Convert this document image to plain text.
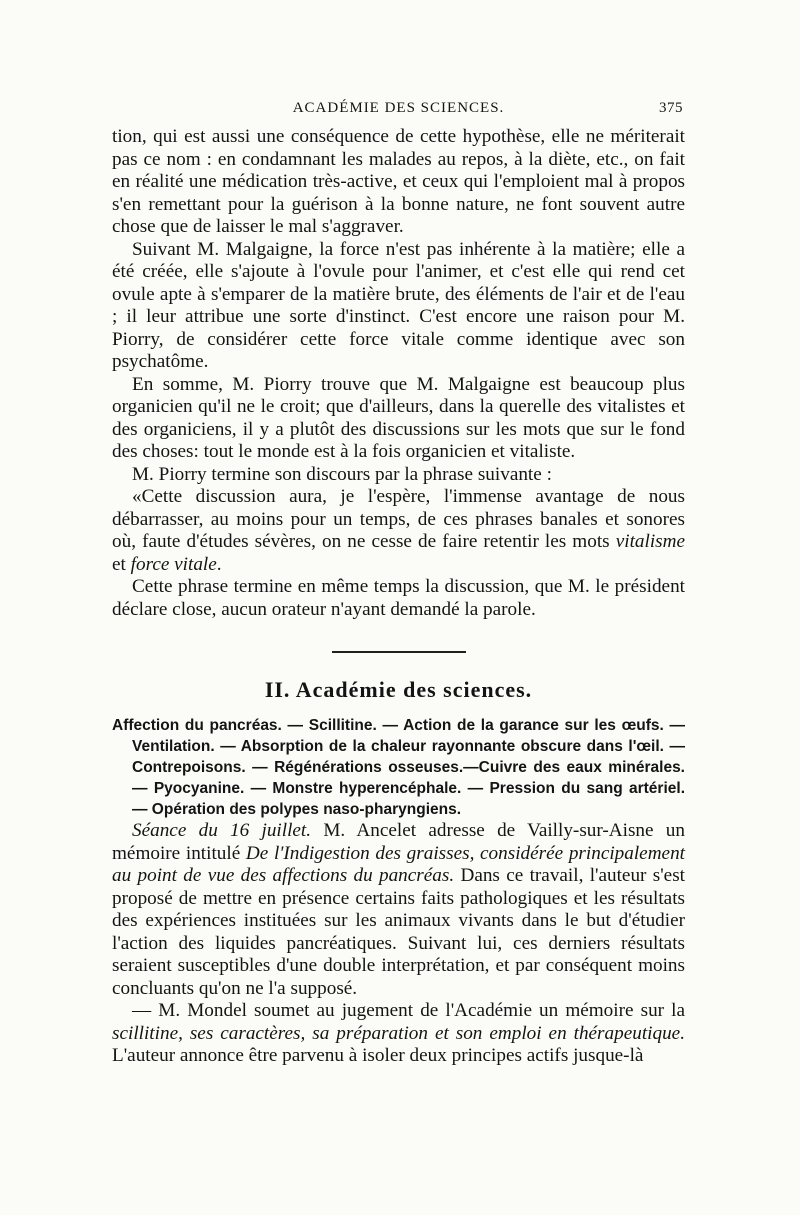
ACADÉMIE DES SCIENCES.	375

tion, qui est aussi une conséquence de cette hypothèse, elle ne mériterait pas ce nom : en condamnant les malades au repos, à la diète, etc., on fait en réalité une médication très-active, et ceux qui l'emploient mal à propos s'en remettant pour la guérison à la bonne nature, ne font souvent autre chose que de laisser le mal s'aggraver.

Suivant M. Malgaigne, la force n'est pas inhérente à la matière; elle a été créée, elle s'ajoute à l'ovule pour l'animer, et c'est elle qui rend cet ovule apte à s'emparer de la matière brute, des éléments de l'air et de l'eau ; il leur attribue une sorte d'instinct. C'est encore une raison pour M. Piorry, de considérer cette force vitale comme identique avec son psychatôme.

En somme, M. Piorry trouve que M. Malgaigne est beaucoup plus organicien qu'il ne le croit; que d'ailleurs, dans la querelle des vitalistes et des organiciens, il y a plutôt des discussions sur les mots que sur le fond des choses: tout le monde est à la fois organicien et vitaliste.

M. Piorry termine son discours par la phrase suivante :

«Cette discussion aura, je l'espère, l'immense avantage de nous débarrasser, au moins pour un temps, de ces phrases banales et sonores où, faute d'études sévères, on ne cesse de faire retentir les mots vitalisme et force vitale.

Cette phrase termine en même temps la discussion, que M. le président déclare close, aucun orateur n'ayant demandé la parole.

II. Académie des sciences.
Affection du pancréas. — Scillitine. — Action de la garance sur les œufs. — Ventilation. — Absorption de la chaleur rayonnante obscure dans l'œil. — Contrepoisons. — Régénérations osseuses.—Cuivre des eaux minérales. — Pyocyanine. — Monstre hyperencéphale. — Pression du sang artériel. — Opération des polypes naso-pharyngiens.

Séance du 16 juillet. M. Ancelet adresse de Vailly-sur-Aisne un mémoire intitulé De l'Indigestion des graisses, considérée principalement au point de vue des affections du pancréas. Dans ce travail, l'auteur s'est proposé de mettre en présence certains faits pathologiques et les résultats des expériences instituées sur les animaux vivants dans le but d'étudier l'action des liquides pancréatiques. Suivant lui, ces derniers résultats seraient susceptibles d'une double interprétation, et par conséquent moins concluants qu'on ne l'a supposé.

— M. Mondel soumet au jugement de l'Académie un mémoire sur la scillitine, ses caractères, sa préparation et son emploi en thérapeutique. L'auteur annonce être parvenu à isoler deux principes actifs jusque-là
